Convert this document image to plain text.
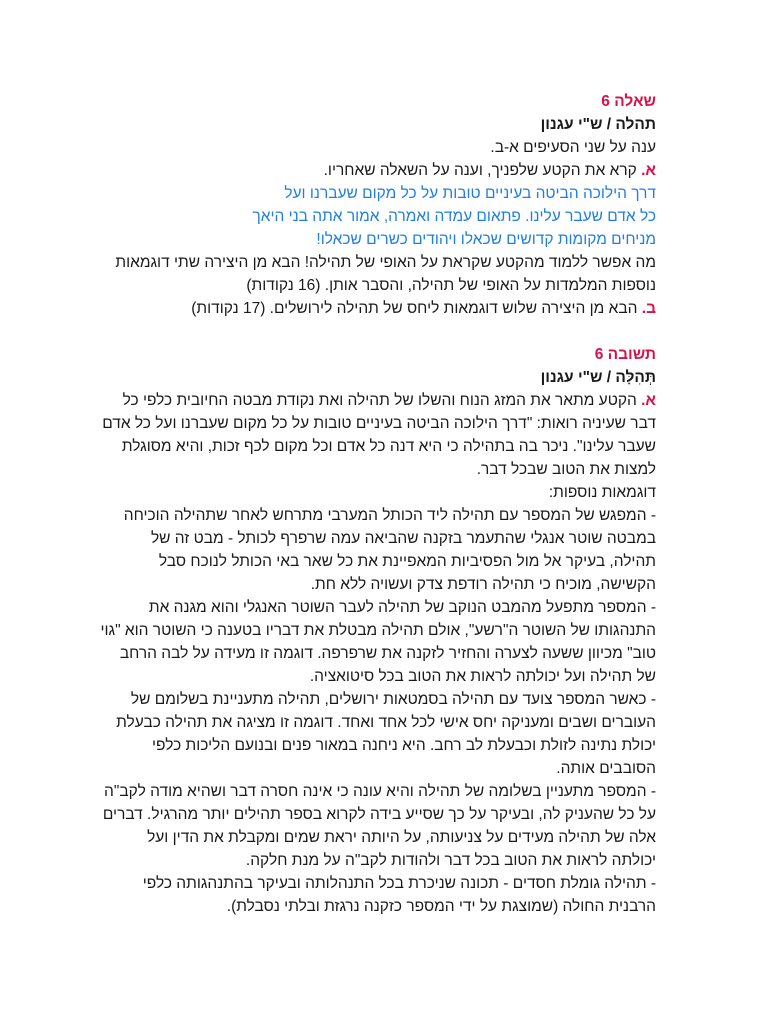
שאלה 6
תהלה / ש"י עגנון
ענה על שני הסעיפים א-ב.
א. קרא את הקטע שלפניך, וענה על השאלה שאחריו.
דרך הילוכה הביטה בעיניים טובות על כל מקום שעברנו ועל
כל אדם שעבר עלינו. פתאום עמדה ואמרה, אמור אתה בני היאך
מניחים מקומות קדושים שכאלו ויהודים כשרים שכאלו!
מה אפשר ללמוד מהקטע שקראת על האופי של תהילה! הבא מן היצירה שתי דוגמאות
נוספות המלמדות על האופי של תהילה, והסבר אותן. (16 נקודות)
ב. הבא מן היצירה שלוש דוגמאות ליחס של תהילה לירושלים. (17 נקודות)
תשובה 6
תְּהִלָּה / ש"י עגנון
א. הקטע מתאר את המזג הנוח והשלו של תהילה ואת נקודת מבטה החיובית כלפי כל
דבר שעיניה רואות: "דרך הילוכה הביטה בעיניים טובות על כל מקום שעברנו ועל כל אדם
שעבר עלינו". ניכר בה בתהילה כי היא דנה כל אדם וכל מקום לכף זכות, והיא מסוגלת
למצות את הטוב שבכל דבר.
דוגמאות נוספות:
- המפגש של המספר עם תהילה ליד הכותל המערבי מתרחש לאחר שתהילה הוכיחה
במבטה שוטר אנגלי שהתעמר בזקנה שהביאה עמה שרפרף לכותל - מבט זה של
תהילה, בעיקר אל מול הפסיביות המאפיינת את כל שאר באי הכותל לנוכח סבל
הקשישה, מוכיח כי תהילה רודפת צדק ועשויה ללא חת.
- המספר מתפעל מהמבט הנוקב של תהילה לעבר השוטר האנגלי והוא מגנה את
התנהגותו של השוטר ה"רשע", אולם תהילה מבטלת את דבריו בטענה כי השוטר הוא "גוי
טוב" מכיוון ששעה לצערה והחזיר לזקנה את שרפרפה. דוגמה זו מעידה על לבה הרחב
של תהילה ועל יכולתה לראות את הטוב בכל סיטואציה.
- כאשר המספר צועד עם תהילה בסמטאות ירושלים, תהילה מתעניינת בשלומם של
העוברים ושבים ומעניקה יחס אישי לכל אחד ואחד. דוגמה זו מציגה את תהילה כבעלת
יכולת נתינה לזולת וכבעלת לב רחב. היא ניחנה במאור פנים ובנועם הליכות כלפי
הסובבים אותה.
- המספר מתעניין בשלומה של תהילה והיא עונה כי אינה חסרה דבר ושהיא מודה לקב"ה
על כל שהעניק לה, ובעיקר על כך שסייע בידה לקרוא בספר תהילים יותר מהרגיל. דברים
אלה של תהילה מעידים על צניעותה, על היותה יראת שמים ומקבלת את הדין ועל
יכולתה לראות את הטוב בכל דבר ולהודות לקב"ה על מנת חלקה.
- תהילה גומלת חסדים - תכונה שניכרת בכל התנהלותה ובעיקר בהתנהגותה כלפי
הרבנית החולה (שמוצגת על ידי המספר כזקנה נרגזת ובלתי נסבלת).
